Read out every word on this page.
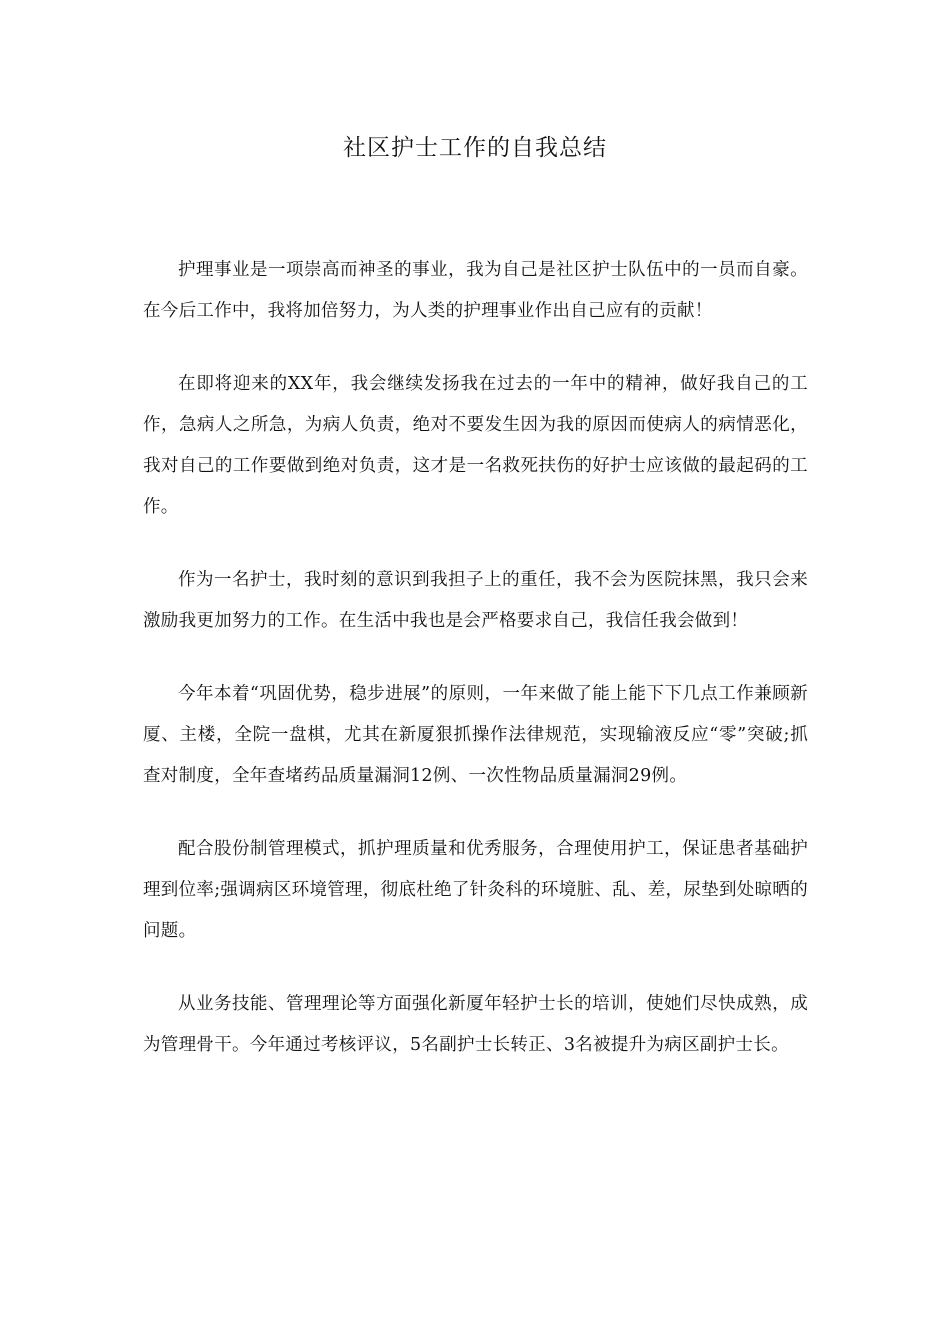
社区护士工作的自我总结

护理事业是一项崇高而神圣的事业，我为自己是社区护士队伍中的一员而自豪。在今后工作中，我将加倍努力，为人类的护理事业作出自己应有的贡献！

在即将迎来的XX年，我会继续发扬我在过去的一年中的精神，做好我自己的工作，急病人之所急，为病人负责，绝对不要发生因为我的原因而使病人的病情恶化，我对自己的工作要做到绝对负责，这才是一名救死扶伤的好护士应该做的最起码的工作。

作为一名护士，我时刻的意识到我担子上的重任，我不会为医院抹黑，我只会来激励我更加努力的工作。在生活中我也是会严格要求自己，我信任我会做到！

今年本着“巩固优势，稳步进展”的原则，一年来做了能上能下下几点工作兼顾新厦、主楼，全院一盘棋，尤其在新厦狠抓操作法律规范，实现输液反应“零”突破;抓查对制度，全年查堵药品质量漏洞12例、一次性物品质量漏洞29例。

配合股份制管理模式，抓护理质量和优秀服务，合理使用护工，保证患者基础护理到位率;强调病区环境管理，彻底杜绝了针灸科的环境脏、乱、差，尿垫到处晾晒的问题。

从业务技能、管理理论等方面强化新厦年轻护士长的培训，使她们尽快成熟，成为管理骨干。今年通过考核评议，5名副护士长转正、3名被提升为病区副护士长。
